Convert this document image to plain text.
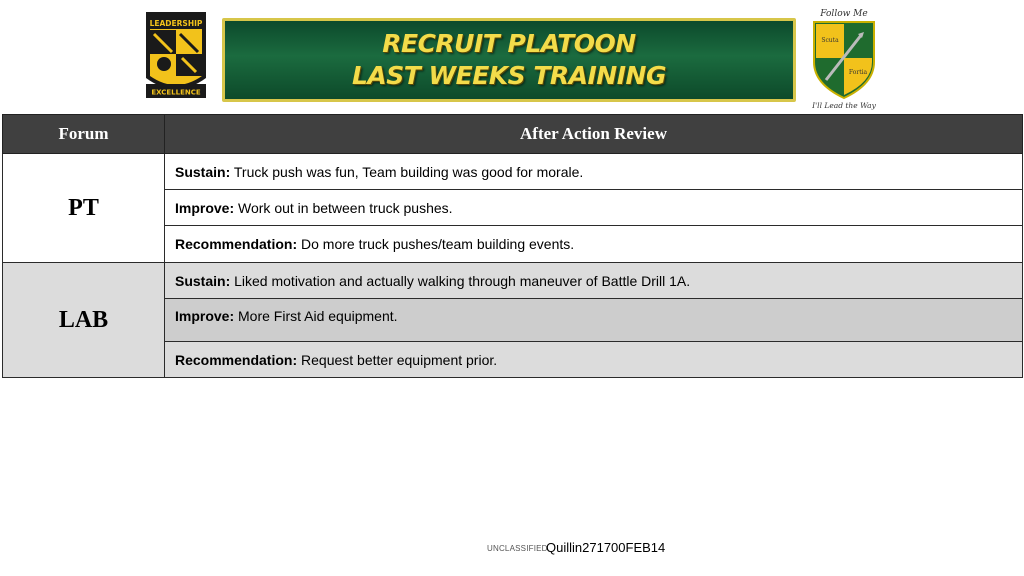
LEADERSHIP
EXCELLENCE
RECRUIT PLATOON
LAST WEEKS TRAINING
Follow Me
Scuta
Fortia
I'll Lead the Way
Forum	After Action Review
PT	Sustain: Truck push was fun, Team building was good for morale.
	Improve: Work out in between truck pushes.
	Recommendation: Do more truck pushes/team building events.
LAB	Sustain: Liked motivation and actually walking through maneuver of Battle Drill 1A.
	Improve: More First Aid equipment.
	Recommendation: Request better equipment prior.
UNCLASSIFIED
Quillin271700FEB14
